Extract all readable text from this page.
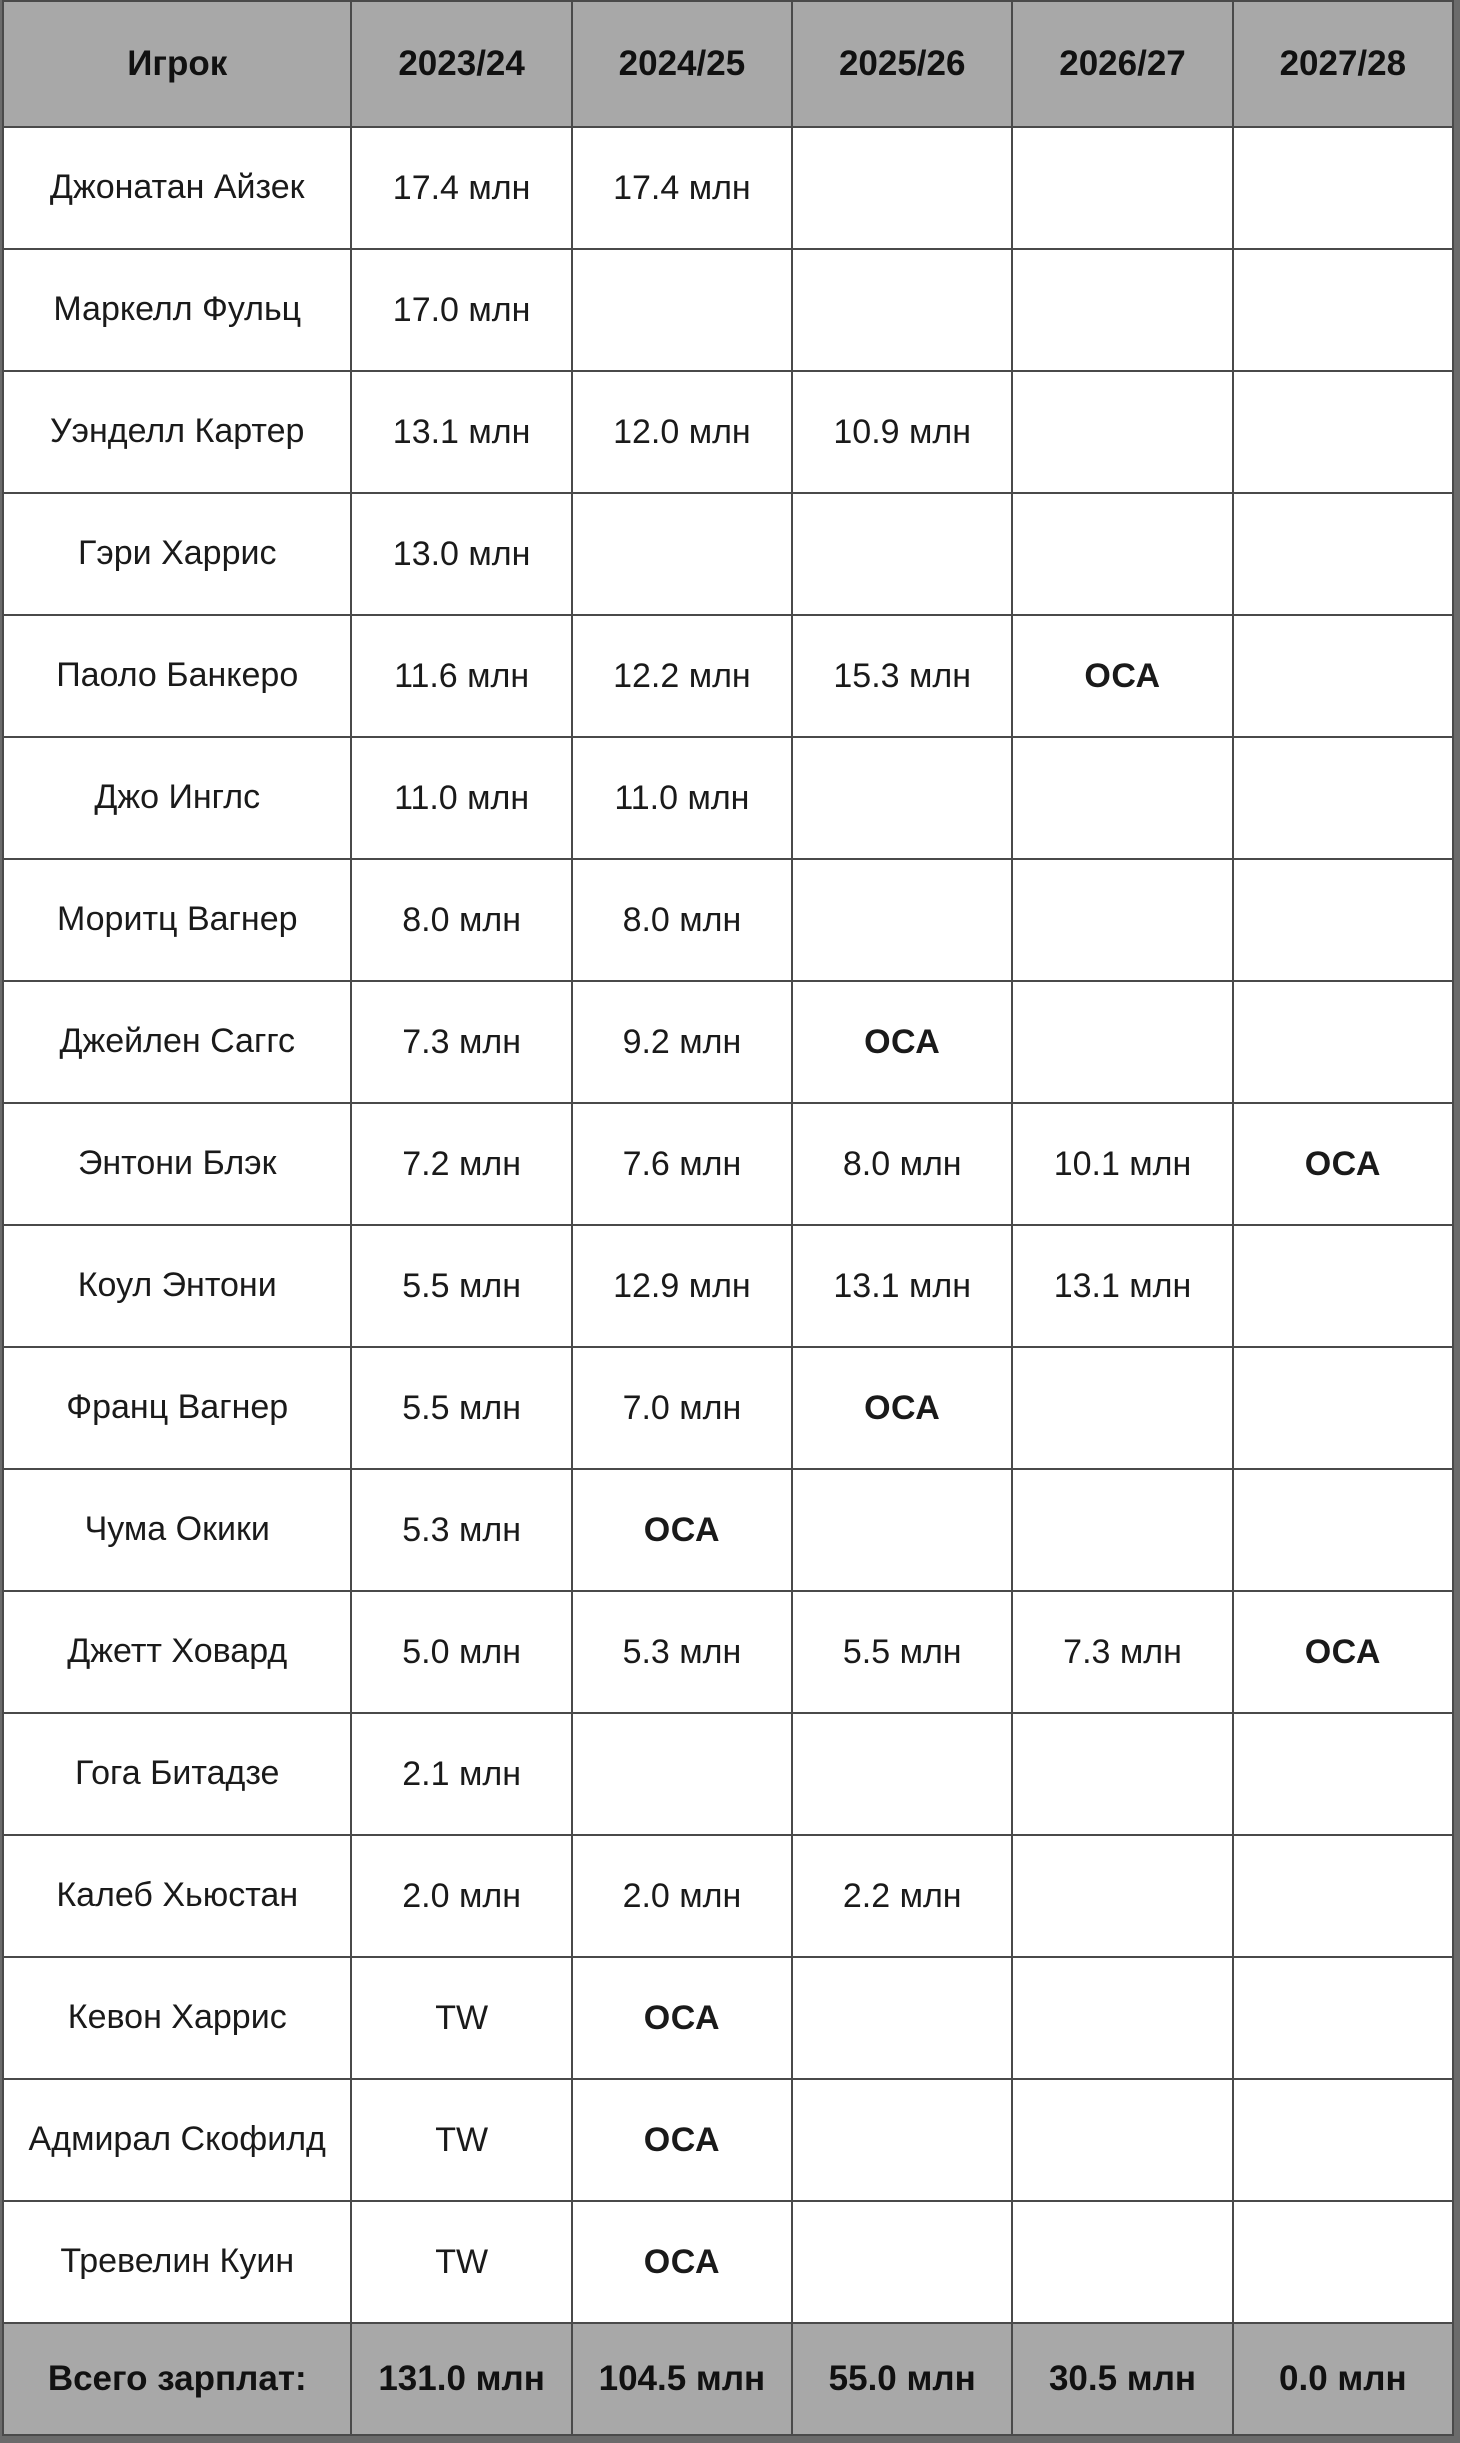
Игрок	2023/24	2024/25	2025/26	2026/27	2027/28
Джонатан Айзек	17.4 млн	17.4 млн			
Маркелл Фульц	17.0 млн				
Уэнделл Картер	13.1 млн	12.0 млн	10.9 млн		
Гэри Харрис	13.0 млн				
Паоло Банкеро	11.6 млн	12.2 млн	15.3 млн	ОСА	
Джо Инглс	11.0 млн	11.0 млн			
Моритц Вагнер	8.0 млн	8.0 млн			
Джейлен Саггс	7.3 млн	9.2 млн	ОСА		
Энтони Блэк	7.2 млн	7.6 млн	8.0 млн	10.1 млн	ОСА
Коул Энтони	5.5 млн	12.9 млн	13.1 млн	13.1 млн	
Франц Вагнер	5.5 млн	7.0 млн	ОСА		
Чума Окики	5.3 млн	ОСА			
Джетт Ховард	5.0 млн	5.3 млн	5.5 млн	7.3 млн	ОСА
Гога Битадзе	2.1 млн				
Калеб Хьюстан	2.0 млн	2.0 млн	2.2 млн		
Кевон Харрис	TW	ОСА			
Адмирал Скофилд	TW	ОСА			
Тревелин Куин	TW	ОСА			
Всего зарплат:	131.0 млн	104.5 млн	55.0 млн	30.5 млн	0.0 млн
